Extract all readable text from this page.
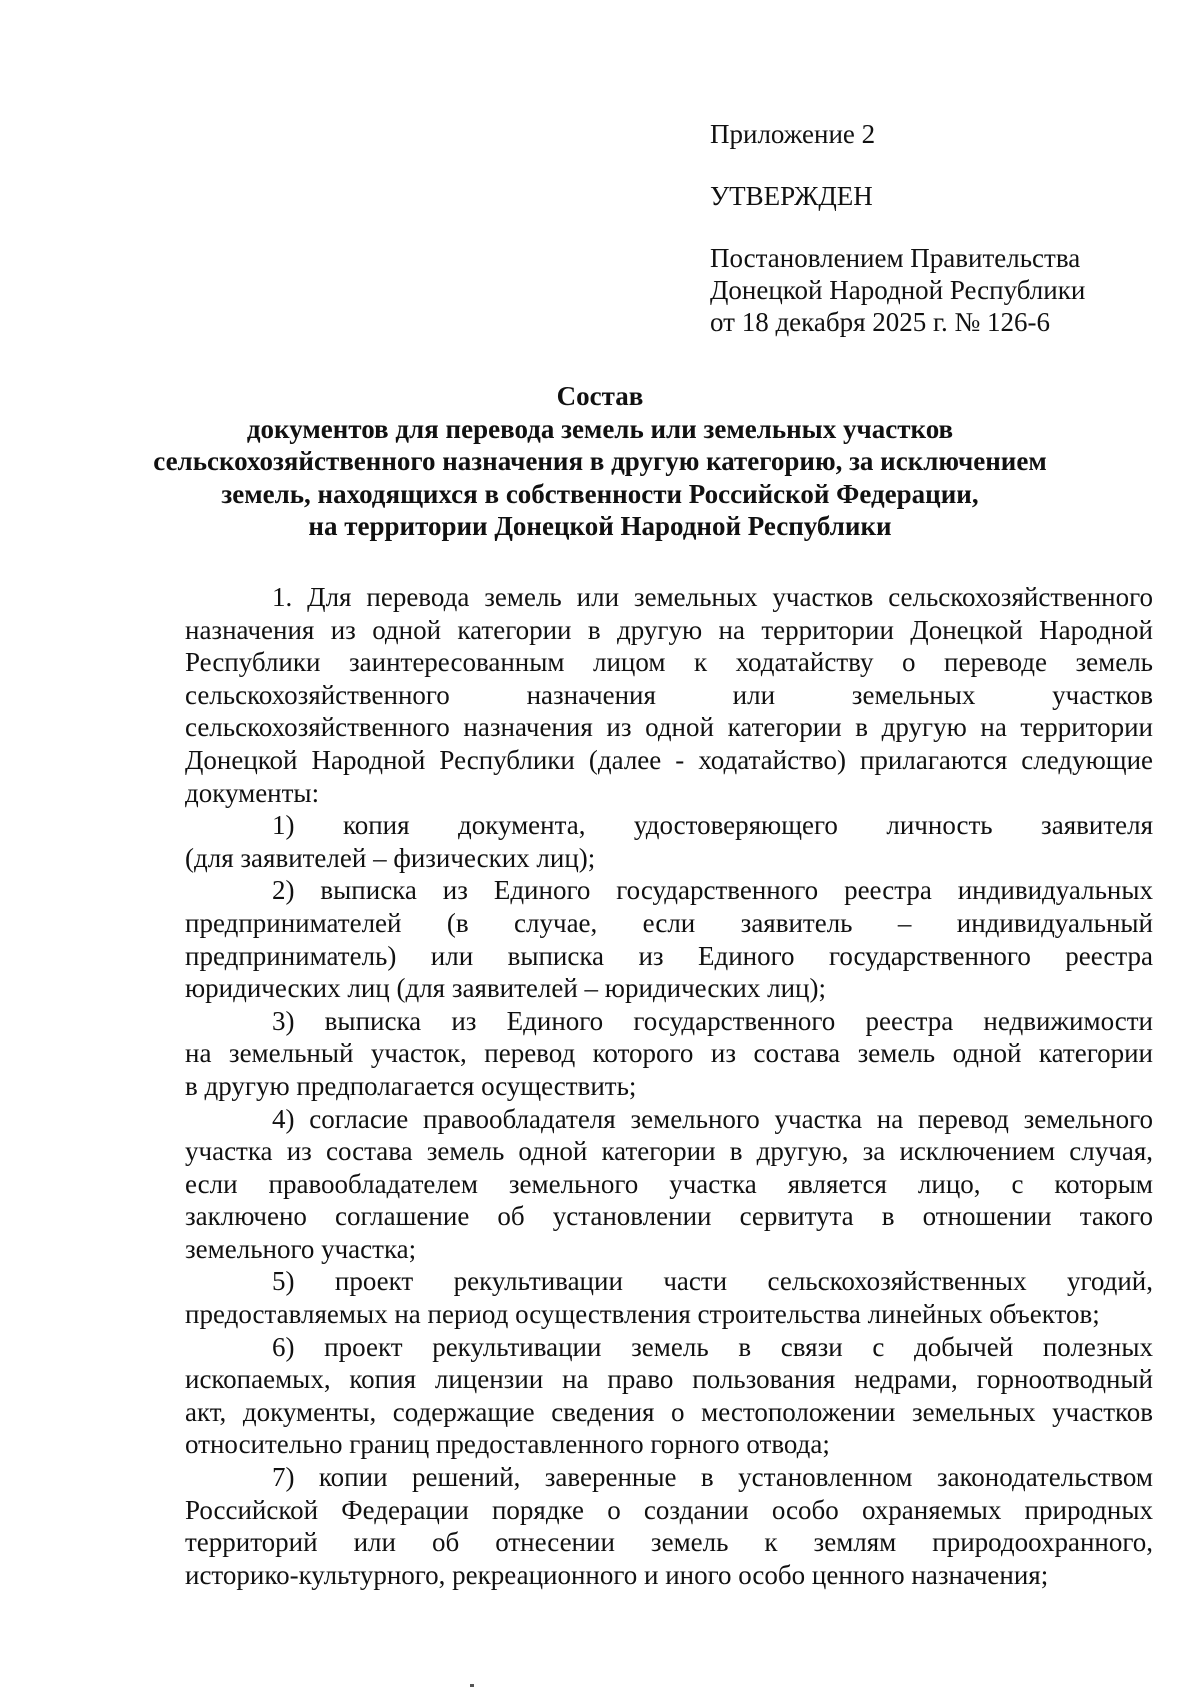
Приложение 2
УТВЕРЖДЕН
Постановлением Правительства
Донецкой Народной Республики
от 18 декабря 2025 г. № 126-6
Состав
документов для перевода земель или земельных участков
сельскохозяйственного назначения в другую категорию, за исключением
земель, находящихся в собственности Российской Федерации,
на территории Донецкой Народной Республики
1. Для перевода земель или земельных участков сельскохозяйственного
назначения из одной категории в другую на территории Донецкой Народной
Республики заинтересованным лицом к ходатайству о переводе земель
сельскохозяйственного назначения или земельных участков
сельскохозяйственного назначения из одной категории в другую на территории
Донецкой Народной Республики (далее - ходатайство) прилагаются следующие
документы:
1) копия документа, удостоверяющего личность заявителя
(для заявителей – физических лиц);
2) выписка из Единого государственного реестра индивидуальных
предпринимателей (в случае, если заявитель – индивидуальный
предприниматель) или выписка из Единого государственного реестра
юридических лиц (для заявителей – юридических лиц);
3) выписка из Единого государственного реестра недвижимости
на земельный участок, перевод которого из состава земель одной категории
в другую предполагается осуществить;
4) согласие правообладателя земельного участка на перевод земельного
участка из состава земель одной категории в другую, за исключением случая,
если правообладателем земельного участка является лицо, с которым
заключено соглашение об установлении сервитута в отношении такого
земельного участка;
5) проект рекультивации части сельскохозяйственных угодий,
предоставляемых на период осуществления строительства линейных объектов;
6) проект рекультивации земель в связи с добычей полезных
ископаемых, копия лицензии на право пользования недрами, горноотводный
акт, документы, содержащие сведения о местоположении земельных участков
относительно границ предоставленного горного отвода;
7) копии решений, заверенные в установленном законодательством
Российской Федерации порядке о создании особо охраняемых природных
территорий или об отнесении земель к землям природоохранного,
историко-культурного, рекреационного и иного особо ценного назначения;
